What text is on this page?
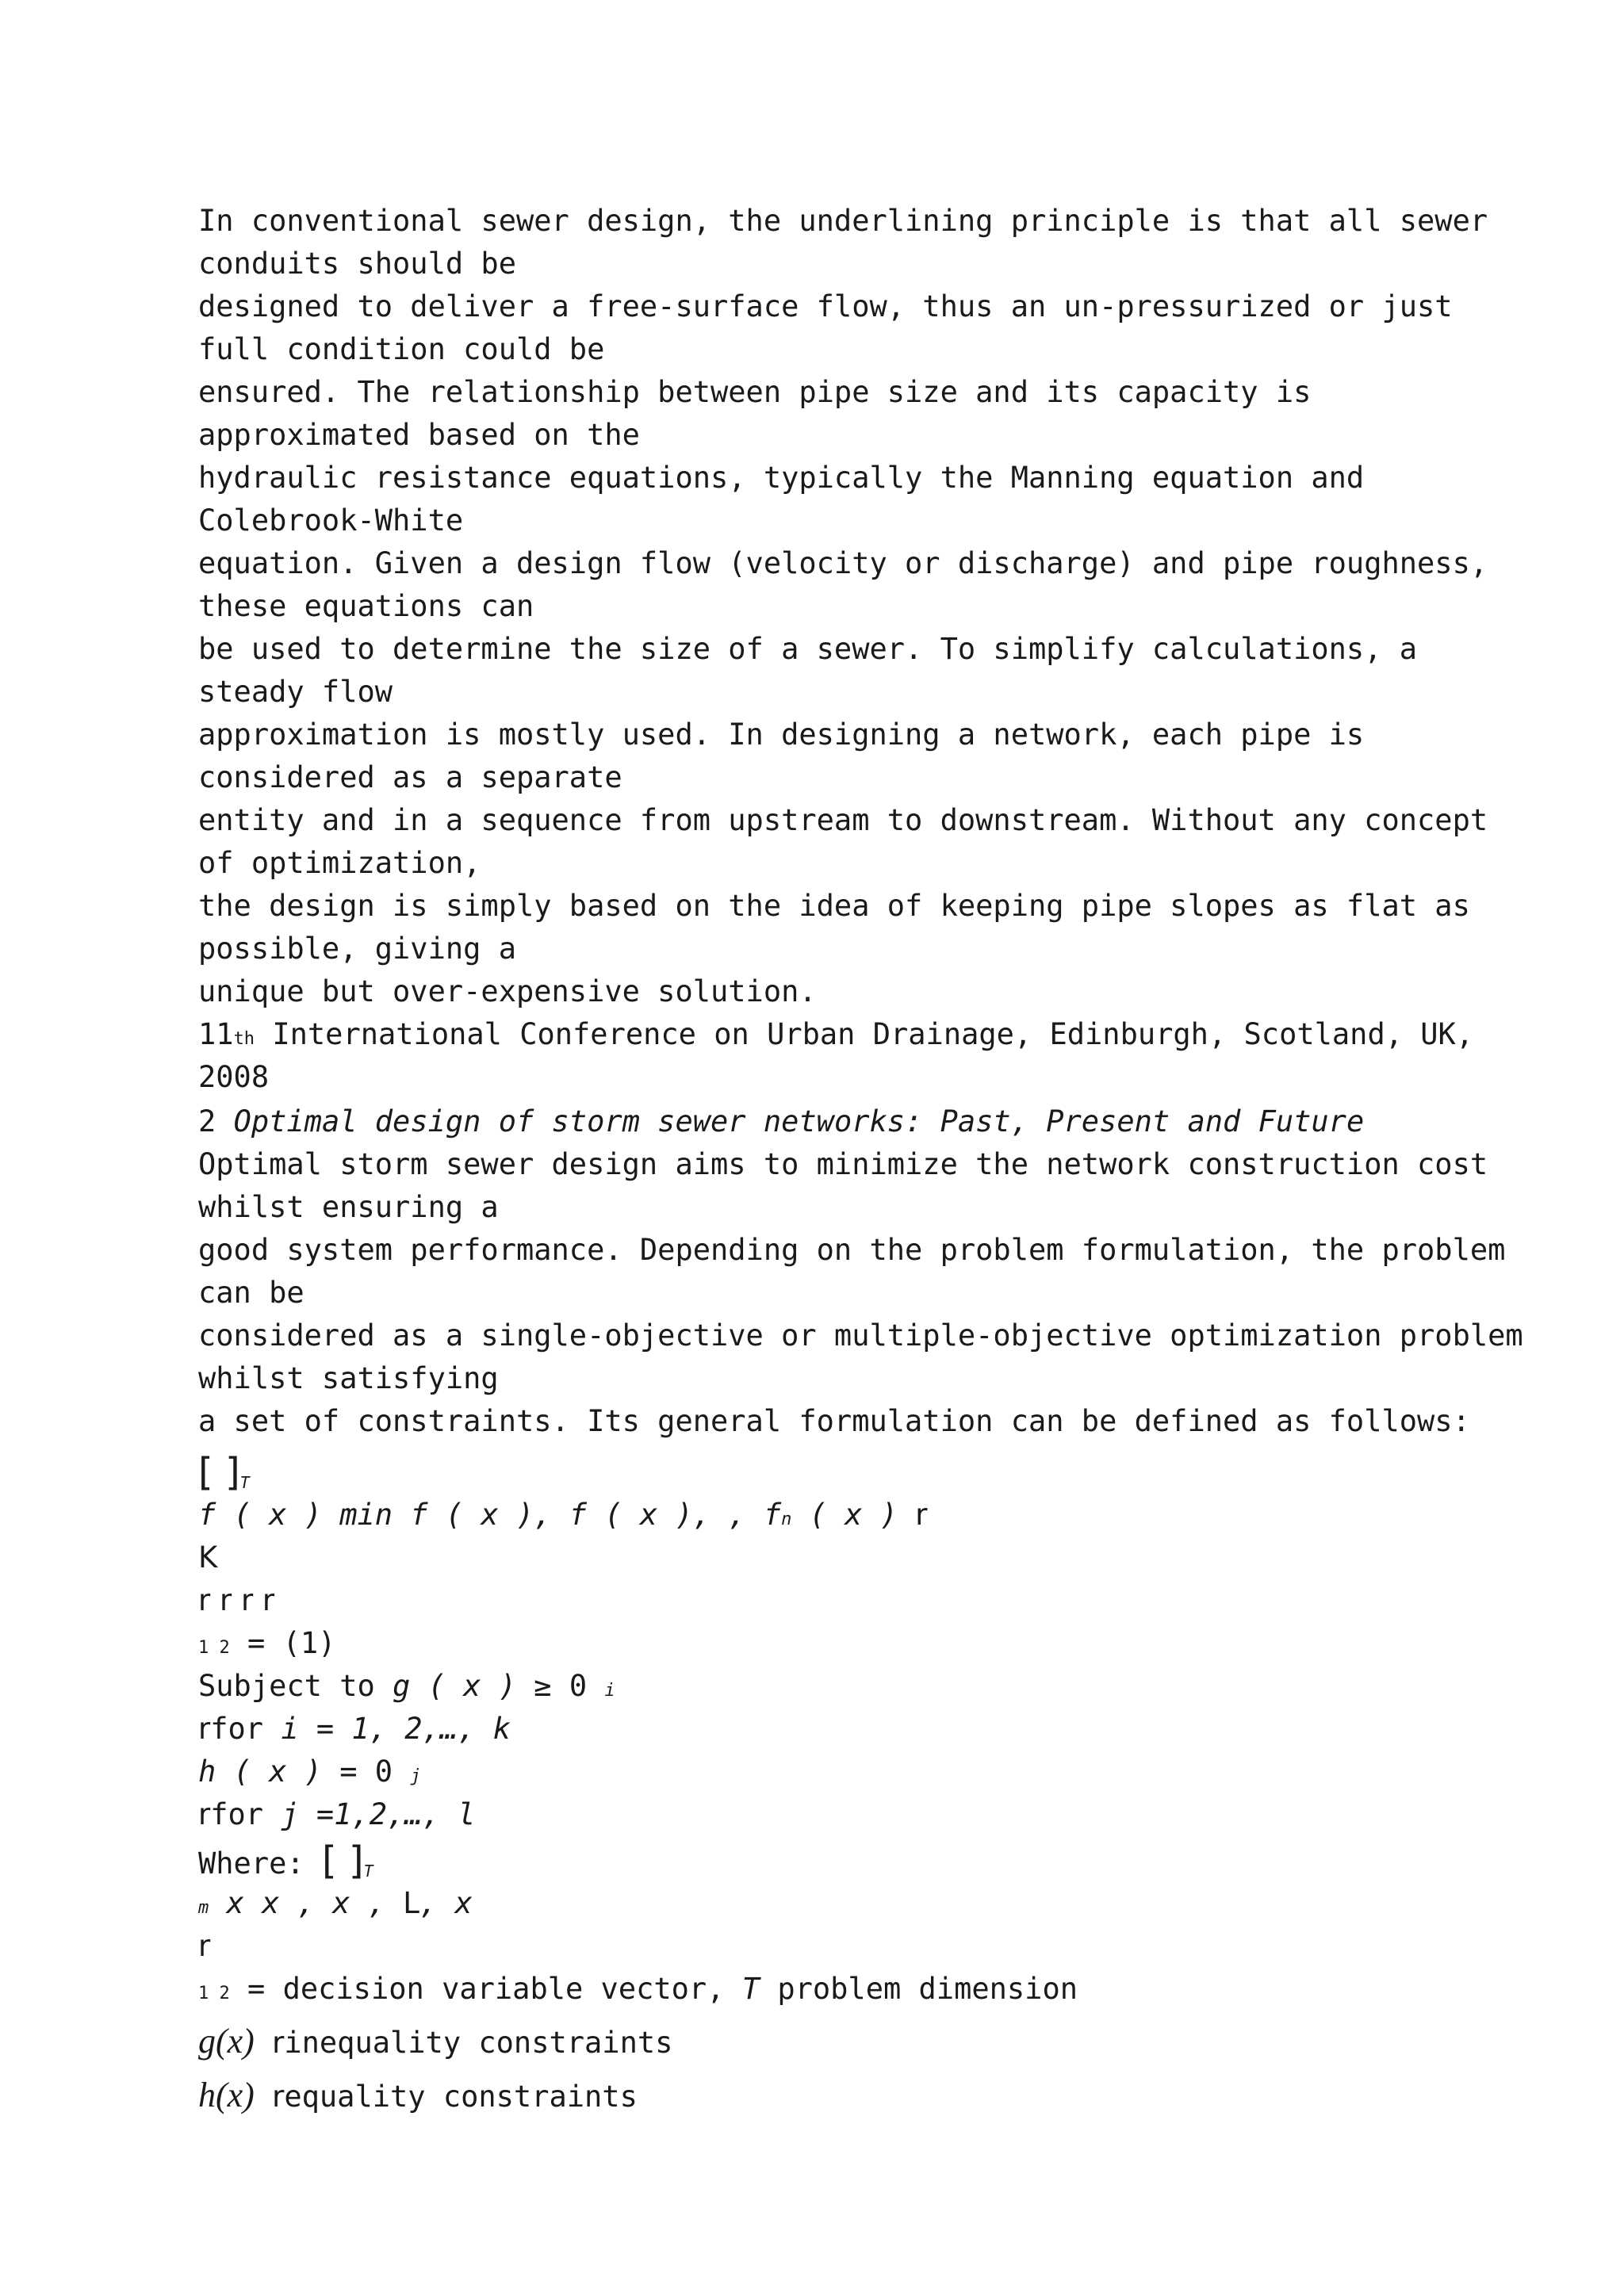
In conventional sewer design, the underlining principle is that all sewer
conduits should be
designed to deliver a free-surface flow, thus an un-pressurized or just
full condition could be
ensured. The relationship between pipe size and its capacity is
approximated based on the
hydraulic resistance equations, typically the Manning equation and
Colebrook-White
equation. Given a design flow (velocity or discharge) and pipe roughness,
these equations can
be used to determine the size of a sewer. To simplify calculations, a
steady flow
approximation is mostly used. In designing a network, each pipe is
considered as a separate
entity and in a sequence from upstream to downstream. Without any concept
of optimization,
the design is simply based on the idea of keeping pipe slopes as flat as
possible, giving a
unique but over-expensive solution.
11th International Conference on Urban Drainage, Edinburgh, Scotland, UK,
2008
2 Optimal design of storm sewer networks: Past, Present and Future
Optimal storm sewer design aims to minimize the network construction cost
whilst ensuring a
good system performance. Depending on the problem formulation, the problem
can be
considered as a single-objective or multiple-objective optimization problem
whilst satisfying
a set of constraints. Its general formulation can be defined as follows:
[ ]T
f ( x ) min f ( x ), f ( x ), , fn ( x ) r
K
r r r r
1 2 = (1)
Subject to g ( x ) ≥ 0 i
rfor i = 1, 2,…, k
h ( x ) = 0 j
rfor j =1,2,…, l
Where: [ ]T
m x x , x , L, x
r
1 2 = decision variable vector, T problem dimension
g(x) rinequality constraints
h(x) requality constraints
